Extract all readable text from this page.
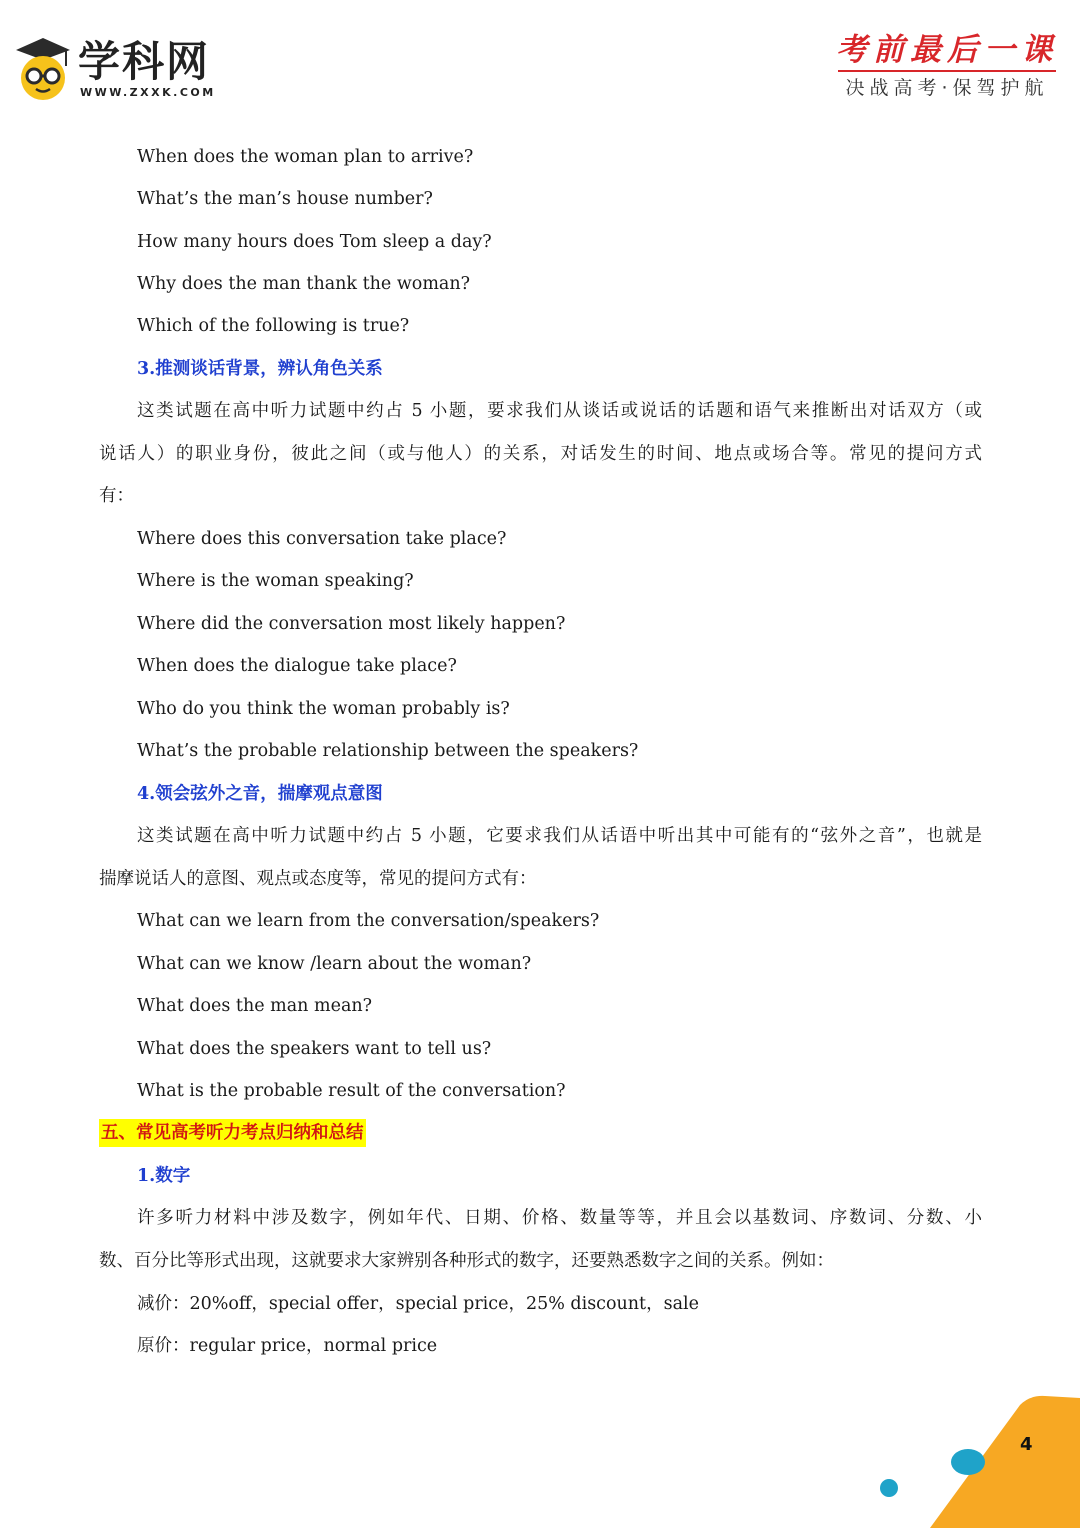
学科网
WWW.ZXXK.COM
考前最后一课
决战高考·保驾护航
When does the woman plan to arrive?
What’s the man’s house number?
How many hours does Tom sleep a day?
Why does the man thank the woman?
Which of the following is true?
3.推测谈话背景，辨认角色关系
这类试题在高中听力试题中约占 5 小题，要求我们从谈话或说话的话题和语气来推断出对话双方（或
说话人）的职业身份，彼此之间（或与他人）的关系，对话发生的时间、地点或场合等。常见的提问方式
有：
Where does this conversation take place?
Where is the woman speaking?
Where did the conversation most likely happen?
When does the dialogue take place?
Who do you think the woman probably is?
What’s the probable relationship between the speakers?
4.领会弦外之音，揣摩观点意图
这类试题在高中听力试题中约占 5 小题，它要求我们从话语中听出其中可能有的“弦外之音”，也就是
揣摩说话人的意图、观点或态度等，常见的提问方式有：
What can we learn from the conversation/speakers?
What can we know /learn about the woman?
What does the man mean?
What does the speakers want to tell us?
What is the probable result of the conversation?
五、常见高考听力考点归纳和总结
1.数字
许多听力材料中涉及数字，例如年代、日期、价格、数量等等，并且会以基数词、序数词、分数、小
数、百分比等形式出现，这就要求大家辨别各种形式的数字，还要熟悉数字之间的关系。例如：
减价：20%off，special offer，special price，25% discount，sale
原价：regular price，normal price
4
